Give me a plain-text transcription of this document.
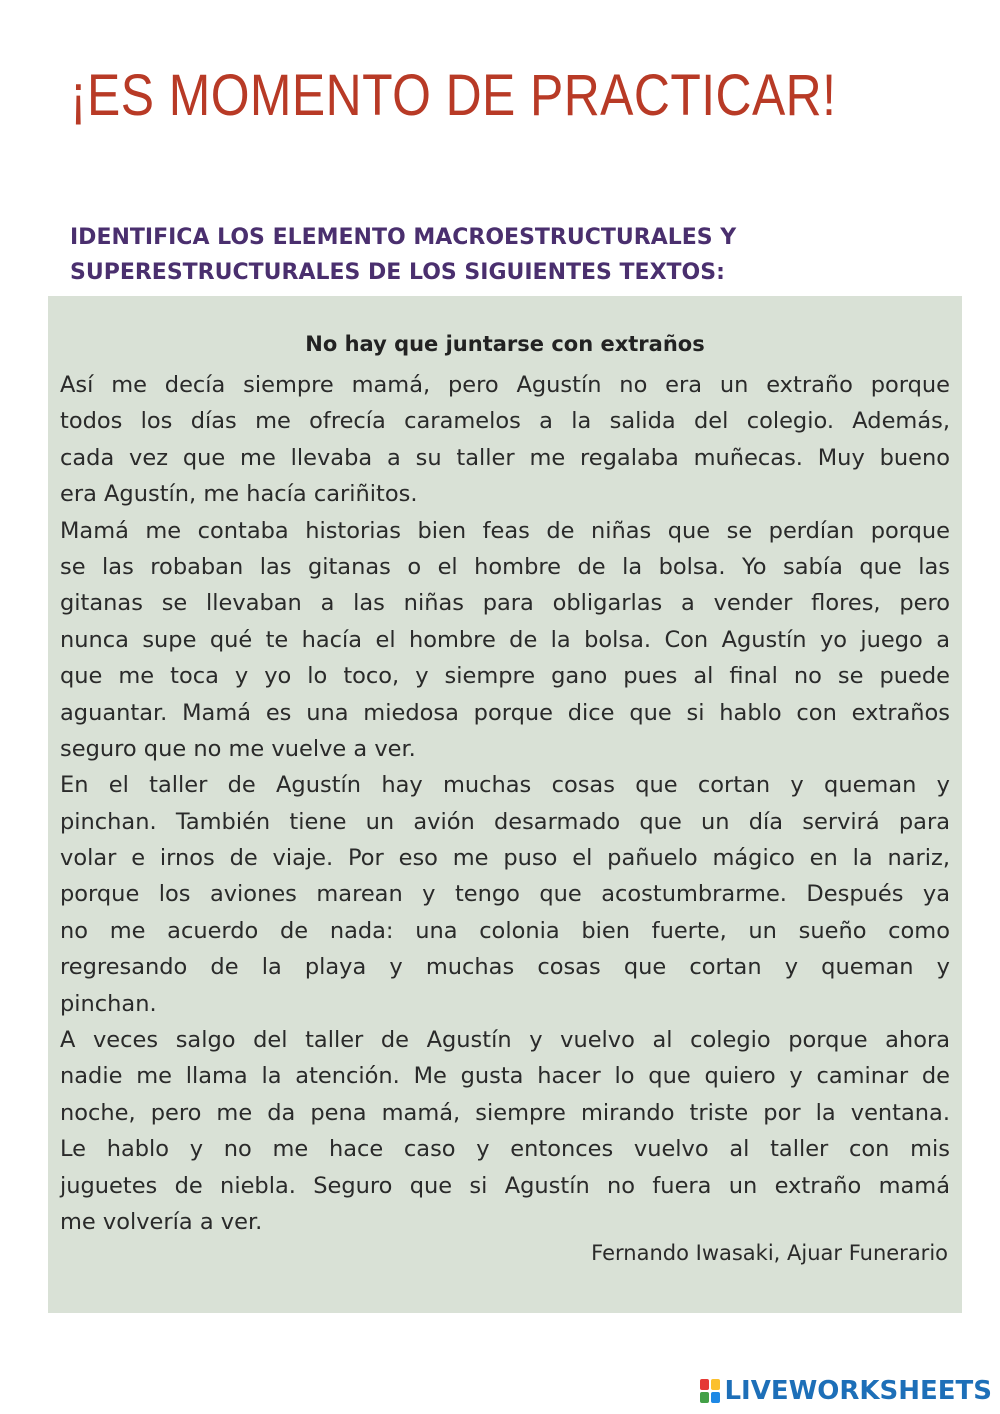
¡ES MOMENTO DE PRACTICAR!
IDENTIFICA LOS ELEMENTO MACROESTRUCTURALES Y
SUPERESTRUCTURALES DE LOS SIGUIENTES TEXTOS:
No hay que juntarse con extraños
Así me decía siempre mamá, pero Agustín no era un extraño porque
todos los días me ofrecía caramelos a la salida del colegio. Además,
cada vez que me llevaba a su taller me regalaba muñecas. Muy bueno
era Agustín, me hacía cariñitos.
Mamá me contaba historias bien feas de niñas que se perdían porque
se las robaban las gitanas o el hombre de la bolsa. Yo sabía que las
gitanas se llevaban a las niñas para obligarlas a vender flores, pero
nunca supe qué te hacía el hombre de la bolsa. Con Agustín yo juego a
que me toca y yo lo toco, y siempre gano pues al final no se puede
aguantar. Mamá es una miedosa porque dice que si hablo con extraños
seguro que no me vuelve a ver.
En el taller de Agustín hay muchas cosas que cortan y queman y
pinchan. También tiene un avión desarmado que un día servirá para
volar e irnos de viaje. Por eso me puso el pañuelo mágico en la nariz,
porque los aviones marean y tengo que acostumbrarme. Después ya
no me acuerdo de nada: una colonia bien fuerte, un sueño como
regresando de la playa y muchas cosas que cortan y queman y
pinchan.
A veces salgo del taller de Agustín y vuelvo al colegio porque ahora
nadie me llama la atención. Me gusta hacer lo que quiero y caminar de
noche, pero me da pena mamá, siempre mirando triste por la ventana.
Le hablo y no me hace caso y entonces vuelvo al taller con mis
juguetes de niebla. Seguro que si Agustín no fuera un extraño mamá
me volvería a ver.
Fernando Iwasaki, Ajuar Funerario
LIVEWORKSHEETS
